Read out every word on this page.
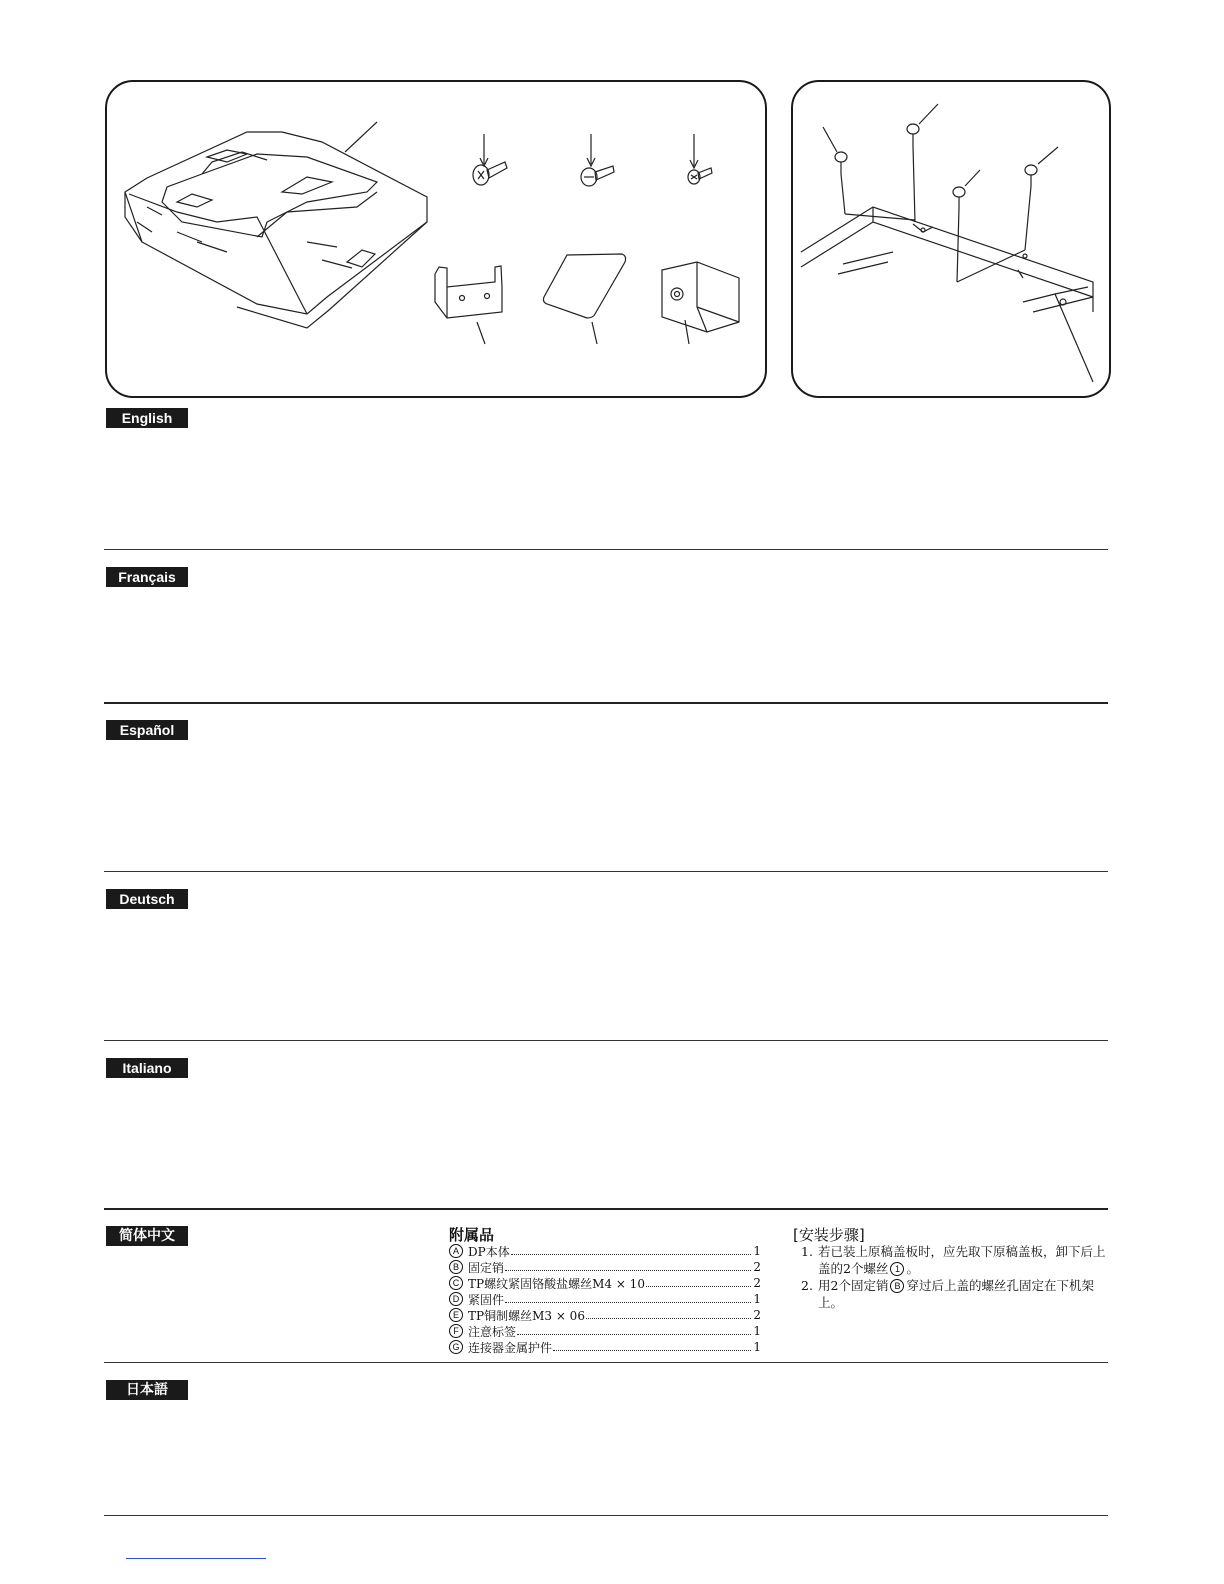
English
Français
Español
Deutsch
Italiano
简体中文	附属品
A DP本体	1
B 固定销	2
C TP螺纹紧固铬酸盐螺丝M4 × 10	2
D 紧固件	1
E TP铜制螺丝M3 × 06	2
F 注意标签	1
G 连接器金属护件	1
[安装步骤]
1. 若已装上原稿盖板时，应先取下原稿盖板，卸下后上盖的2个螺丝 1 。
2. 用2个固定销 B 穿过后上盖的螺丝孔固定在下机架上。
日本語
